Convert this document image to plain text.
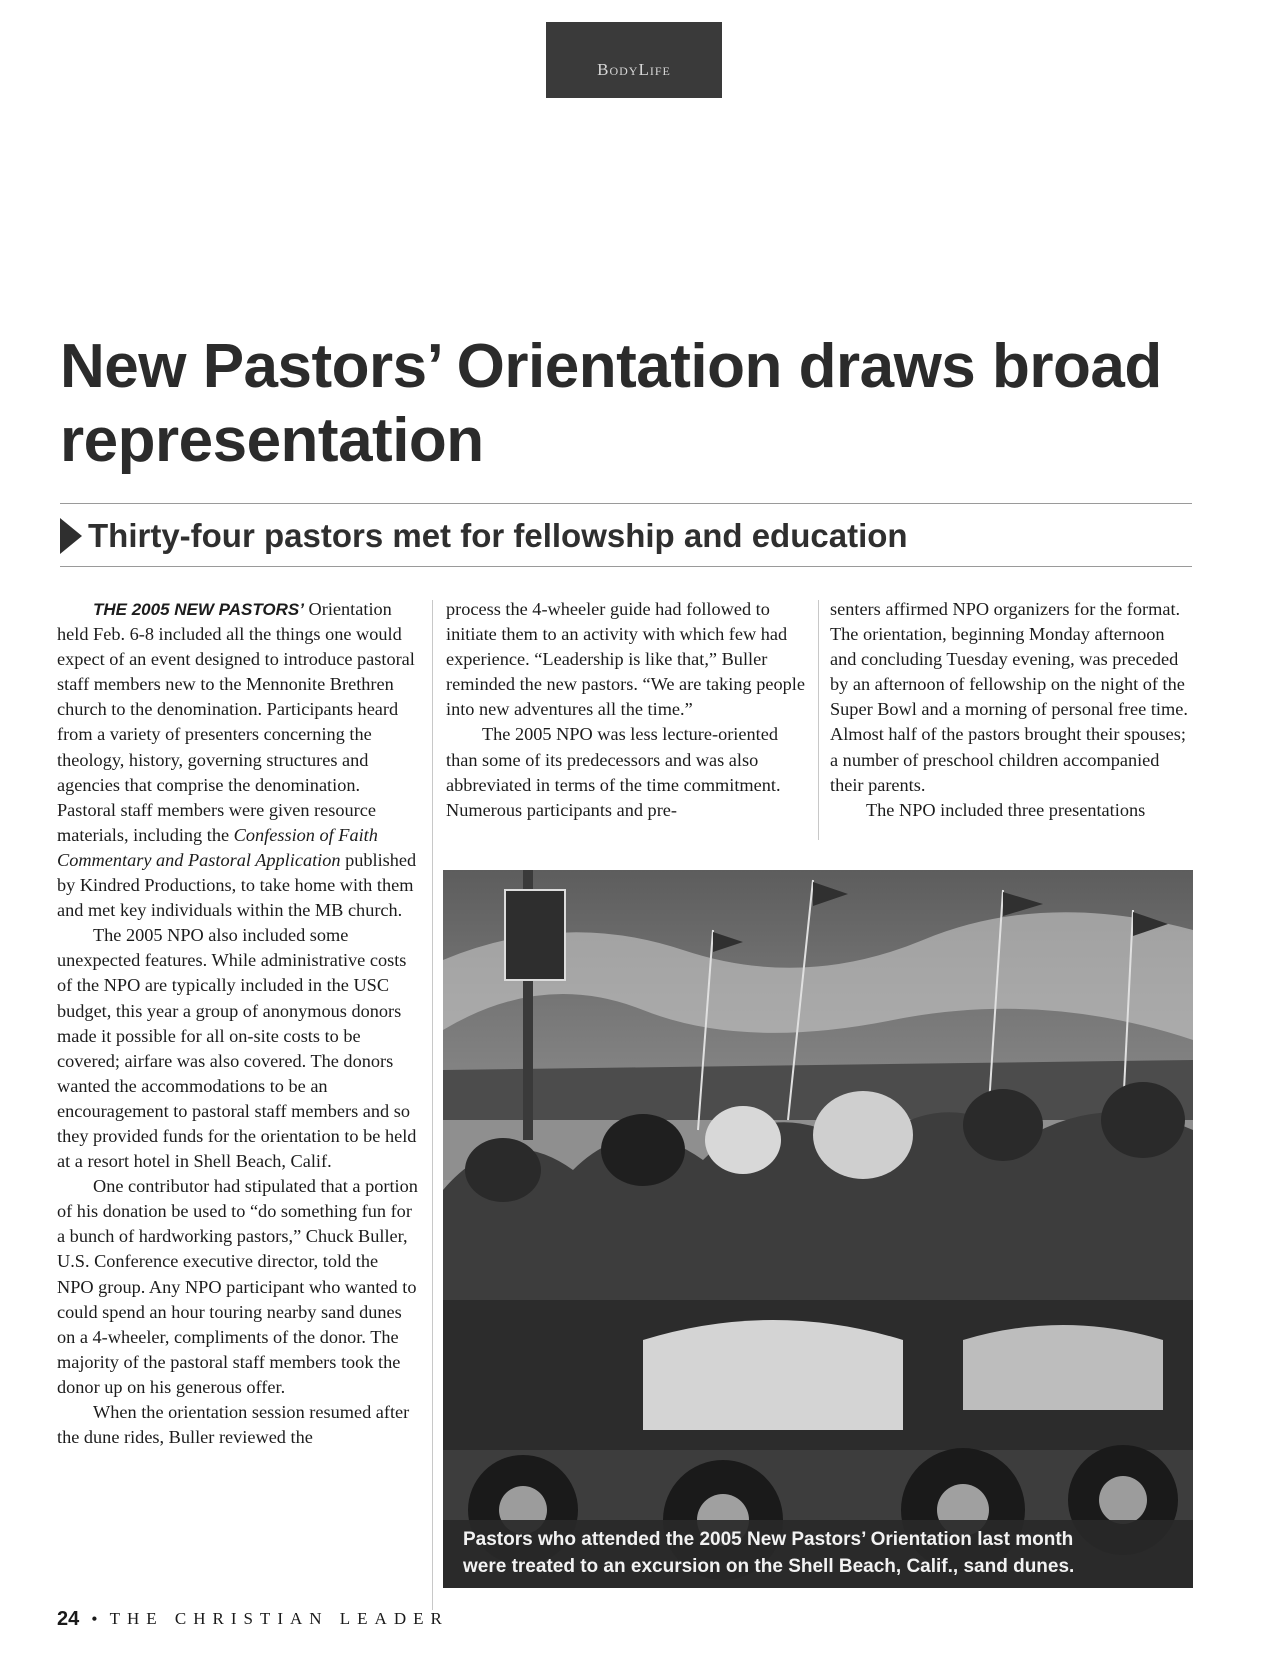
BodyLife
New Pastors’ Orientation draws broad representation
Thirty-four pastors met for fellowship and education

THE 2005 NEW PASTORS’ Orientation held Feb. 6-8 included all the things one would expect of an event designed to introduce pastoral staff members new to the Mennonite Brethren church to the denomination. Participants heard from a variety of presenters concerning the theology, history, governing structures and agencies that comprise the denomination. Pastoral staff members were given resource materials, including the Confession of Faith Commentary and Pastoral Application published by Kindred Productions, to take home with them and met key individuals within the MB church.

The 2005 NPO also included some unexpected features. While administrative costs of the NPO are typically included in the USC budget, this year a group of anonymous donors made it possible for all on-site costs to be covered; airfare was also covered. The donors wanted the accommodations to be an encouragement to pastoral staff members and so they provided funds for the orientation to be held at a resort hotel in Shell Beach, Calif.

One contributor had stipulated that a portion of his donation be used to “do something fun for a bunch of hardworking pastors,” Chuck Buller, U.S. Conference executive director, told the NPO group. Any NPO participant who wanted to could spend an hour touring nearby sand dunes on a 4-wheeler, compliments of the donor. The majority of the pastoral staff members took the donor up on his generous offer.

When the orientation session resumed after the dune rides, Buller reviewed the

process the 4-wheeler guide had followed to initiate them to an activity with which few had experience. “Leadership is like that,” Buller reminded the new pastors. “We are taking people into new adventures all the time.”

The 2005 NPO was less lecture-oriented than some of its predecessors and was also abbreviated in terms of the time commitment. Numerous participants and pre-

senters affirmed NPO organizers for the format. The orientation, beginning Monday afternoon and concluding Tuesday evening, was preceded by an afternoon of fellowship on the night of the Super Bowl and a morning of personal free time. Almost half of the pastors brought their spouses; a number of preschool children accompanied their parents.

The NPO included three presentations

Pastors who attended the 2005 New Pastors’ Orientation last month
were treated to an excursion on the Shell Beach, Calif., sand dunes.
24 • THE CHRISTIAN LEADER
